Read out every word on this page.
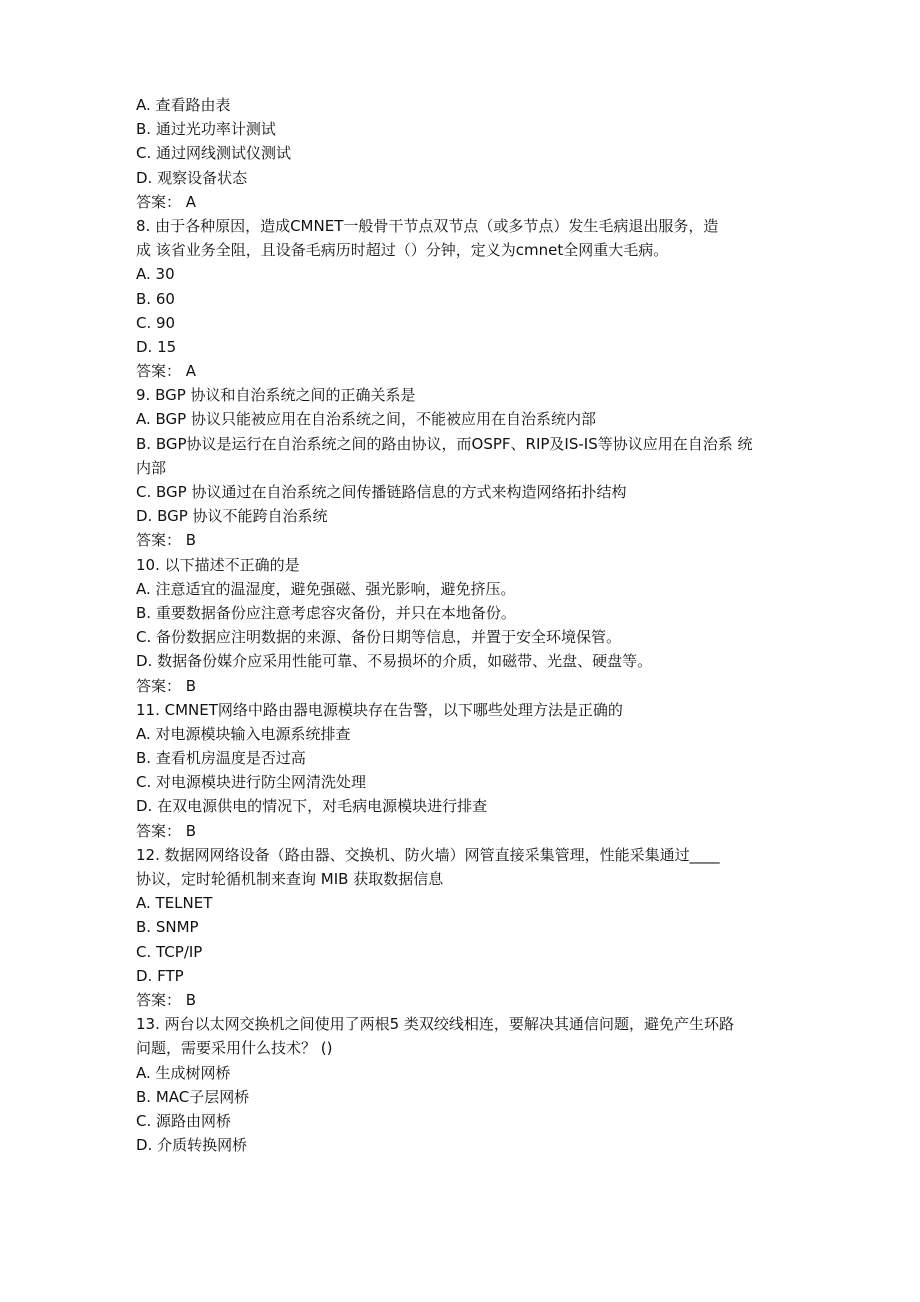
A. 查看路由表
B. 通过光功率计测试
C. 通过网线测试仪测试
D. 观察设备状态
答案： A
8. 由于各种原因，造成CMNET一般骨干节点双节点（或多节点）发生毛病退出服务，造
成 该省业务全阻，且设备毛病历时超过（）分钟，定义为cmnet全网重大毛病。
A. 30
B. 60
C. 90
D. 15
答案： A
9. BGP 协议和自治系统之间的正确关系是
A. BGP 协议只能被应用在自治系统之间，不能被应用在自治系统内部
B. BGP协议是运行在自治系统之间的路由协议，而OSPF、RIP及IS-IS等协议应用在自治系 统
内部
C. BGP 协议通过在自治系统之间传播链路信息的方式来构造网络拓扑结构
D. BGP 协议不能跨自治系统
答案： B
10. 以下描述不正确的是
A. 注意适宜的温湿度，避免强磁、强光影响，避免挤压。
B. 重要数据备份应注意考虑容灾备份，并只在本地备份。
C. 备份数据应注明数据的来源、备份日期等信息，并置于安全环境保管。
D. 数据备份媒介应采用性能可靠、不易损坏的介质，如磁带、光盘、硬盘等。
答案： B
11. CMNET网络中路由器电源模块存在告警，以下哪些处理方法是正确的
A. 对电源模块输入电源系统排查
B. 查看机房温度是否过高
C. 对电源模块进行防尘网清洗处理
D. 在双电源供电的情况下，对毛病电源模块进行排查
答案： B
12. 数据网网络设备（路由器、交换机、防火墙）网管直接采集管理，性能采集通过____
协议，定时轮循机制来查询 MIB 获取数据信息
A. TELNET
B. SNMP
C. TCP/IP
D. FTP
答案： B
13. 两台以太网交换机之间使用了两根5 类双绞线相连，要解决其通信问题，避免产生环路
问题，需要采用什么技术？ ()
A. 生成树网桥
B. MAC子层网桥
C. 源路由网桥
D. 介质转换网桥
